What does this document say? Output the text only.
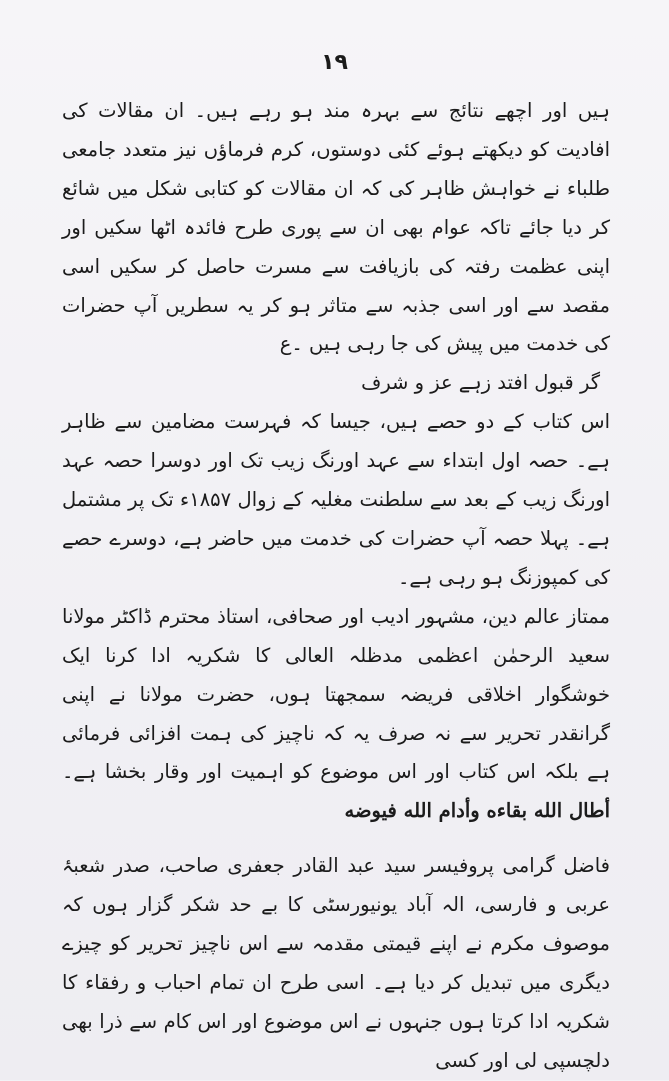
١٩

ہیں اور اچھے نتائج سے بہرہ مند ہو رہے ہیں۔ ان مقالات کی افادیت کو دیکھتے ہوئے کئی دوستوں، کرم فرماؤں نیز متعدد جامعی طلباء نے خواہش ظاہر کی کہ ان مقالات کو کتابی شکل میں شائع کر دیا جائے تاکہ عوام بھی ان سے پوری طرح فائدہ اٹھا سکیں اور اپنی عظمت رفتہ کی بازیافت سے مسرت حاصل کر سکیں اسی مقصد سے اور اسی جذبہ سے متاثر ہو کر یہ سطریں آپ حضرات کی خدمت میں پیش کی جا رہی ہیں ۔ع

گر قبول افتد زہے عز و شرف

اس کتاب کے دو حصے ہیں، جیسا کہ فہرست مضامین سے ظاہر ہے۔ حصہ اول ابتداء سے عہد اورنگ زیب تک اور دوسرا حصہ عہد اورنگ زیب کے بعد سے سلطنت مغلیہ کے زوال ۱۸۵۷ء تک پر مشتمل ہے۔ پہلا حصہ آپ حضرات کی خدمت میں حاضر ہے، دوسرے حصے کی کمپوزنگ ہو رہی ہے۔

ممتاز عالم دین، مشہور ادیب اور صحافی، استاذ محترم ڈاکٹر مولانا سعید الرحمٰن اعظمی مدظلہ العالی کا شکریہ ادا کرنا ایک خوشگوار اخلاقی فریضہ سمجھتا ہوں، حضرت مولانا نے اپنی گرانقدر تحریر سے نہ صرف یہ کہ ناچیز کی ہمت افزائی فرمائی ہے بلکہ اس کتاب اور اس موضوع کو اہمیت اور وقار بخشا ہے۔ أطال الله بقاءه وأدام الله فيوضه

فاضل گرامی پروفیسر سید عبد القادر جعفری صاحب، صدر شعبۂ عربی و فارسی، الہ آباد یونیورسٹی کا بے حد شکر گزار ہوں کہ موصوف مکرم نے اپنے قیمتی مقدمہ سے اس ناچیز تحریر کو چیزے دیگری میں تبدیل کر دیا ہے۔ اسی طرح ان تمام احباب و رفقاء کا شکریہ ادا کرتا ہوں جنہوں نے اس موضوع اور اس کام سے ذرا بھی دلچسپی لی اور کسی
